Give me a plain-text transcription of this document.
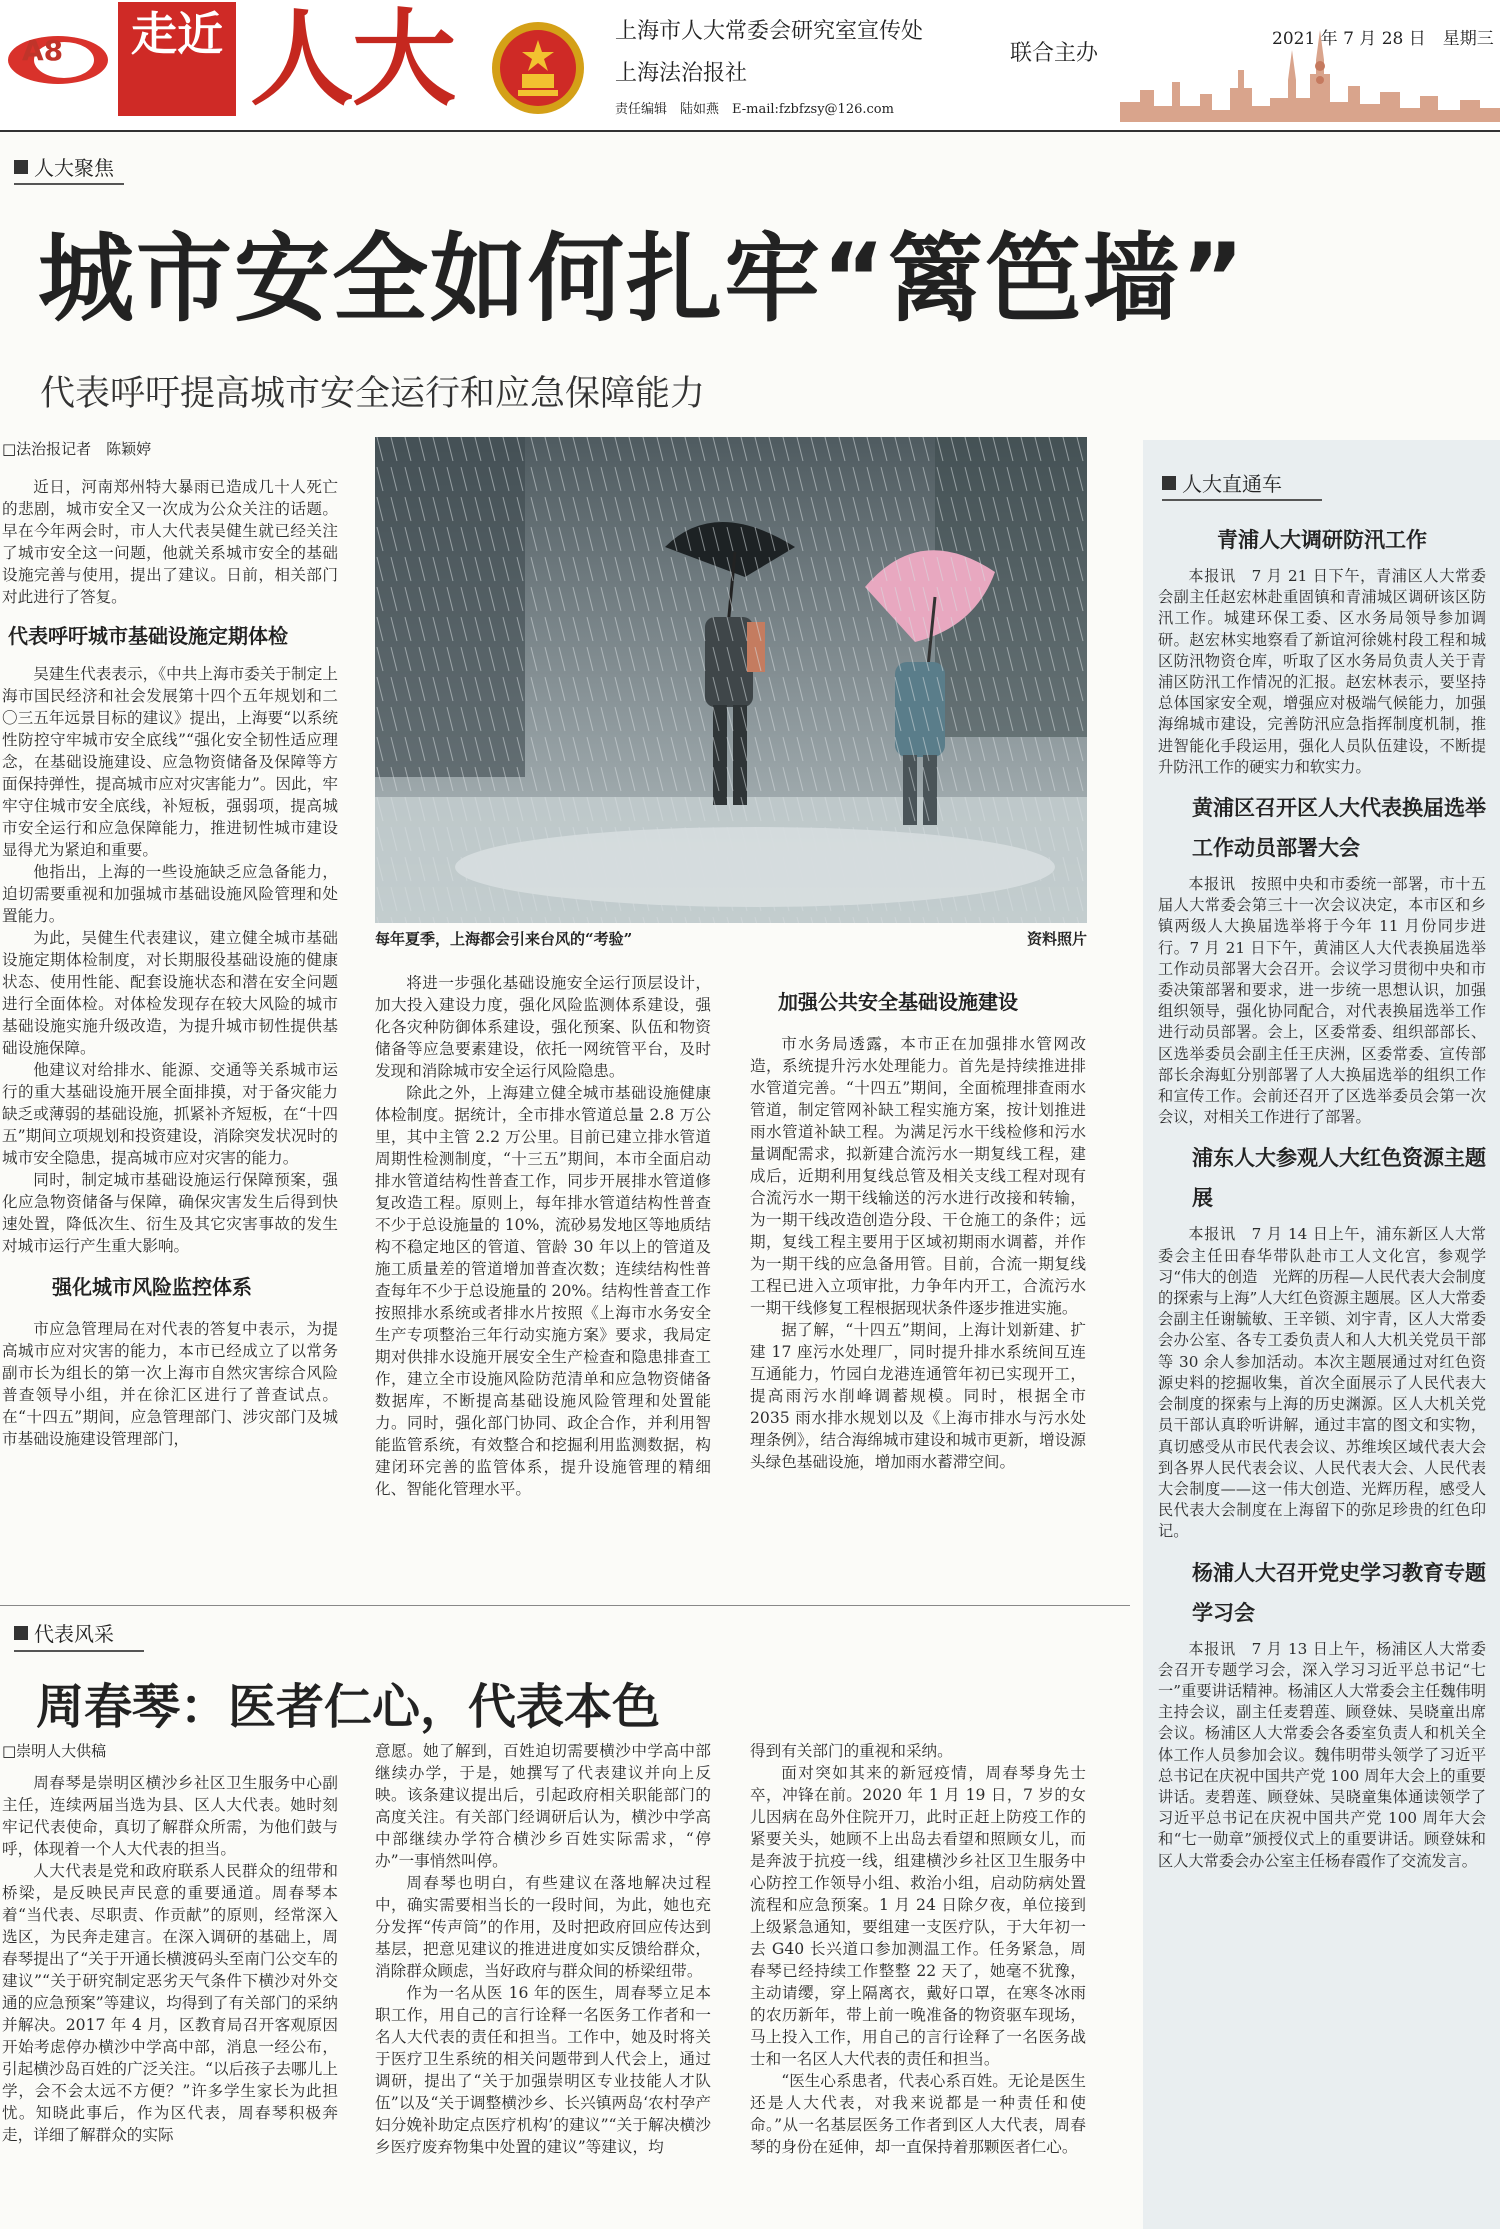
A8 走近 人大	上海市人大常委会研究室宣传处
上海法治报社
联合主办
责任编辑　陆如燕　E-mail:fzbfzsy@126.com
2021 年 7 月 28 日　星期三
人大聚焦
城市安全如何扎牢“篱笆墙”
代表呼吁提高城市安全运行和应急保障能力
□法治报记者　陈颖婷

近日，河南郑州特大暴雨已造成几十人死亡的悲剧，城市安全又一次成为公众关注的话题。早在今年两会时，市人大代表吴健生就已经关注了城市安全这一问题，他就关系城市安全的基础设施完善与使用，提出了建议。日前，相关部门对此进行了答复。

代表呼吁城市基础设施定期体检

吴建生代表表示，《中共上海市委关于制定上海市国民经济和社会发展第十四个五年规划和二〇三五年远景目标的建议》提出，上海要“以系统性防控守牢城市安全底线”“强化安全韧性适应理念，在基础设施建设、应急物资储备及保障等方面保持弹性，提高城市应对灾害能力”。因此，牢牢守住城市安全底线，补短板，强弱项，提高城市安全运行和应急保障能力，推进韧性城市建设显得尤为紧迫和重要。

他指出，上海的一些设施缺乏应急备能力，迫切需要重视和加强城市基础设施风险管理和处置能力。

为此，吴健生代表建议，建立健全城市基础设施定期体检制度，对长期服役基础设施的健康状态、使用性能、配套设施状态和潜在安全问题进行全面体检。对体检发现存在较大风险的城市基础设施实施升级改造，为提升城市韧性提供基础设施保障。

他建议对给排水、能源、交通等关系城市运行的重大基础设施开展全面排摸，对于备灾能力缺乏或薄弱的基础设施，抓紧补齐短板，在“十四五”期间立项规划和投资建设，消除突发状况时的城市安全隐患，提高城市应对灾害的能力。

同时，制定城市基础设施运行保障预案，强化应急物资储备与保障，确保灾害发生后得到快速处置，降低次生、衍生及其它灾害事故的发生对城市运行产生重大影响。

强化城市风险监控体系

市应急管理局在对代表的答复中表示，为提高城市应对灾害的能力，本市已经成立了以常务副市长为组长的第一次上海市自然灾害综合风险普查领导小组，并在徐汇区进行了普查试点。在“十四五”期间，应急管理部门、涉灾部门及城市基础设施建设管理部门，

每年夏季，上海都会引来台风的“考验”	资料照片

将进一步强化基础设施安全运行顶层设计，加大投入建设力度，强化风险监测体系建设，强化各灾种防御体系建设，强化预案、队伍和物资储备等应急要素建设，依托一网统管平台，及时发现和消除城市安全运行风险隐患。

除此之外，上海建立健全城市基础设施健康体检制度。据统计，全市排水管道总量 2.8 万公里，其中主管 2.2 万公里。目前已建立排水管道周期性检测制度，“十三五”期间，本市全面启动排水管道结构性普查工作，同步开展排水管道修复改造工程。原则上，每年排水管道结构性普查不少于总设施量的 10%，流砂易发地区等地质结构不稳定地区的管道、管龄 30 年以上的管道及施工质量差的管道增加普查次数；连续结构性普查每年不少于总设施量的 20%。结构性普查工作按照排水系统或者排水片按照《上海市水务安全生产专项整治三年行动实施方案》要求，我局定期对供排水设施开展安全生产检查和隐患排查工作，建立全市设施风险防范清单和应急物资储备数据库，不断提高基础设施风险管理和处置能力。同时，强化部门协同、政企合作，并利用智能监管系统，有效整合和挖掘利用监测数据，构建闭环完善的监管体系，提升设施管理的精细化、智能化管理水平。

加强公共安全基础设施建设

市水务局透露，本市正在加强排水管网改造，系统提升污水处理能力。首先是持续推进排水管道完善。“十四五”期间，全面梳理排查雨水管道，制定管网补缺工程实施方案，按计划推进雨水管道补缺工程。为满足污水干线检修和污水量调配需求，拟新建合流污水一期复线工程，建成后，近期利用复线总管及相关支线工程对现有合流污水一期干线输送的污水进行改接和转输，为一期干线改造创造分段、干仓施工的条件；远期，复线工程主要用于区域初期雨水调蓄，并作为一期干线的应急备用管。目前，合流一期复线工程已进入立项审批，力争年内开工，合流污水一期干线修复工程根据现状条件逐步推进实施。

据了解，“十四五”期间，上海计划新建、扩建 17 座污水处理厂，同时提升排水系统间互连互通能力，竹园白龙港连通管年初已实现开工，提高雨污水削峰调蓄规模。同时，根据全市 2035 雨水排水规划以及《上海市排水与污水处理条例》，结合海绵城市建设和城市更新，增设源头绿色基础设施，增加雨水蓄滞空间。

人大直通车
青浦人大调研防汛工作

本报讯　7 月 21 日下午，青浦区人大常委会副主任赵宏林赴重固镇和青浦城区调研该区防汛工作。城建环保工委、区水务局领导参加调研。赵宏林实地察看了新谊河徐姚村段工程和城区防汛物资仓库，听取了区水务局负责人关于青浦区防汛工作情况的汇报。赵宏林表示，要坚持总体国家安全观，增强应对极端气候能力，加强海绵城市建设，完善防汛应急指挥制度机制，推进智能化手段运用，强化人员队伍建设，不断提升防汛工作的硬实力和软实力。

黄浦区召开区人大代表换届选举工作动员部署大会

本报讯　按照中央和市委统一部署，市十五届人大常委会第三十一次会议决定，本市区和乡镇两级人大换届选举将于今年 11 月份同步进行。7 月 21 日下午，黄浦区人大代表换届选举工作动员部署大会召开。会议学习贯彻中央和市委决策部署和要求，进一步统一思想认识，加强组织领导，强化协同配合，对代表换届选举工作进行动员部署。会上，区委常委、组织部部长、区选举委员会副主任王庆洲，区委常委、宣传部部长余海虹分别部署了人大换届选举的组织工作和宣传工作。会前还召开了区选举委员会第一次会议，对相关工作进行了部署。

浦东人大参观人大红色资源主题展

本报讯　7 月 14 日上午，浦东新区人大常委会主任田春华带队赴市工人文化宫，参观学习“伟大的创造　光辉的历程—人民代表大会制度的探索与上海”人大红色资源主题展。区人大常委会副主任谢毓敏、王辛锁、刘宇青，区人大常委会办公室、各专工委负责人和人大机关党员干部等 30 余人参加活动。本次主题展通过对红色资源史料的挖掘收集，首次全面展示了人民代表大会制度的探索与上海的历史渊源。区人大机关党员干部认真聆听讲解，通过丰富的图文和实物，真切感受从市民代表会议、苏维埃区域代表大会到各界人民代表会议、人民代表大会、人民代表大会制度——这一伟大创造、光辉历程，感受人民代表大会制度在上海留下的弥足珍贵的红色印记。

杨浦人大召开党史学习教育专题学习会

本报讯　7 月 13 日上午，杨浦区人大常委会召开专题学习会，深入学习习近平总书记“七一”重要讲话精神。杨浦区人大常委会主任魏伟明主持会议，副主任麦碧莲、顾登妹、吴晓童出席会议。杨浦区人大常委会各委室负责人和机关全体工作人员参加会议。魏伟明带头领学了习近平总书记在庆祝中国共产党 100 周年大会上的重要讲话。麦碧莲、顾登妹、吴晓童集体通读领学了习近平总书记在庆祝中国共产党 100 周年大会和“七一勋章”颁授仪式上的重要讲话。顾登妹和区人大常委会办公室主任杨春霞作了交流发言。

代表风采
周春琴：医者仁心，代表本色
□崇明人大供稿

周春琴是崇明区横沙乡社区卫生服务中心副主任，连续两届当选为县、区人大代表。她时刻牢记代表使命，真切了解群众所需，为他们鼓与呼，体现着一个人大代表的担当。

人大代表是党和政府联系人民群众的纽带和桥梁，是反映民声民意的重要通道。周春琴本着“当代表、尽职责、作贡献”的原则，经常深入选区，为民奔走建言。在深入调研的基础上，周春琴提出了“关于开通长横渡码头至南门公交车的建议”“关于研究制定恶劣天气条件下横沙对外交通的应急预案”等建议，均得到了有关部门的采纳并解决。2017 年 4 月，区教育局召开客观原因开始考虑停办横沙中学高中部，消息一经公布，引起横沙岛百姓的广泛关注。“以后孩子去哪儿上学，会不会太远不方便？”许多学生家长为此担忧。知晓此事后，作为区代表，周春琴积极奔走，详细了解群众的实际

意愿。她了解到，百姓迫切需要横沙中学高中部继续办学，于是，她撰写了代表建议并向上反映。该条建议提出后，引起政府相关职能部门的高度关注。有关部门经调研后认为，横沙中学高中部继续办学符合横沙乡百姓实际需求，“停办”一事悄然叫停。

周春琴也明白，有些建议在落地解决过程中，确实需要相当长的一段时间，为此，她也充分发挥“传声筒”的作用，及时把政府回应传达到基层，把意见建议的推进进度如实反馈给群众，消除群众顾虑，当好政府与群众间的桥梁纽带。

作为一名从医 16 年的医生，周春琴立足本职工作，用自己的言行诠释一名医务工作者和一名人大代表的责任和担当。工作中，她及时将关于医疗卫生系统的相关问题带到人代会上，通过调研，提出了“关于加强崇明区专业技能人才队伍”以及“关于调整横沙乡、长兴镇两岛‘农村孕产妇分娩补助定点医疗机构’的建议”“关于解决横沙乡医疗废弃物集中处置的建议”等建议，均

得到有关部门的重视和采纳。

面对突如其来的新冠疫情，周春琴身先士卒，冲锋在前。2020 年 1 月 19 日，7 岁的女儿因病在岛外住院开刀，此时正赶上防疫工作的紧要关头，她顾不上出岛去看望和照顾女儿，而是奔波于抗疫一线，组建横沙乡社区卫生服务中心防控工作领导小组、救治小组，启动防病处置流程和应急预案。1 月 24 日除夕夜，单位接到上级紧急通知，要组建一支医疗队，于大年初一去 G40 长兴道口参加测温工作。任务紧急，周春琴已经持续工作整整 22 天了，她毫不犹豫，主动请缨，穿上隔离衣，戴好口罩，在寒冬冰雨的农历新年，带上前一晚准备的物资驱车现场，马上投入工作，用自己的言行诠释了一名医务战士和一名区人大代表的责任和担当。

“医生心系患者，代表心系百姓。无论是医生还是人大代表，对我来说都是一种责任和使命。”从一名基层医务工作者到区人大代表，周春琴的身份在延伸，却一直保持着那颗医者仁心。
